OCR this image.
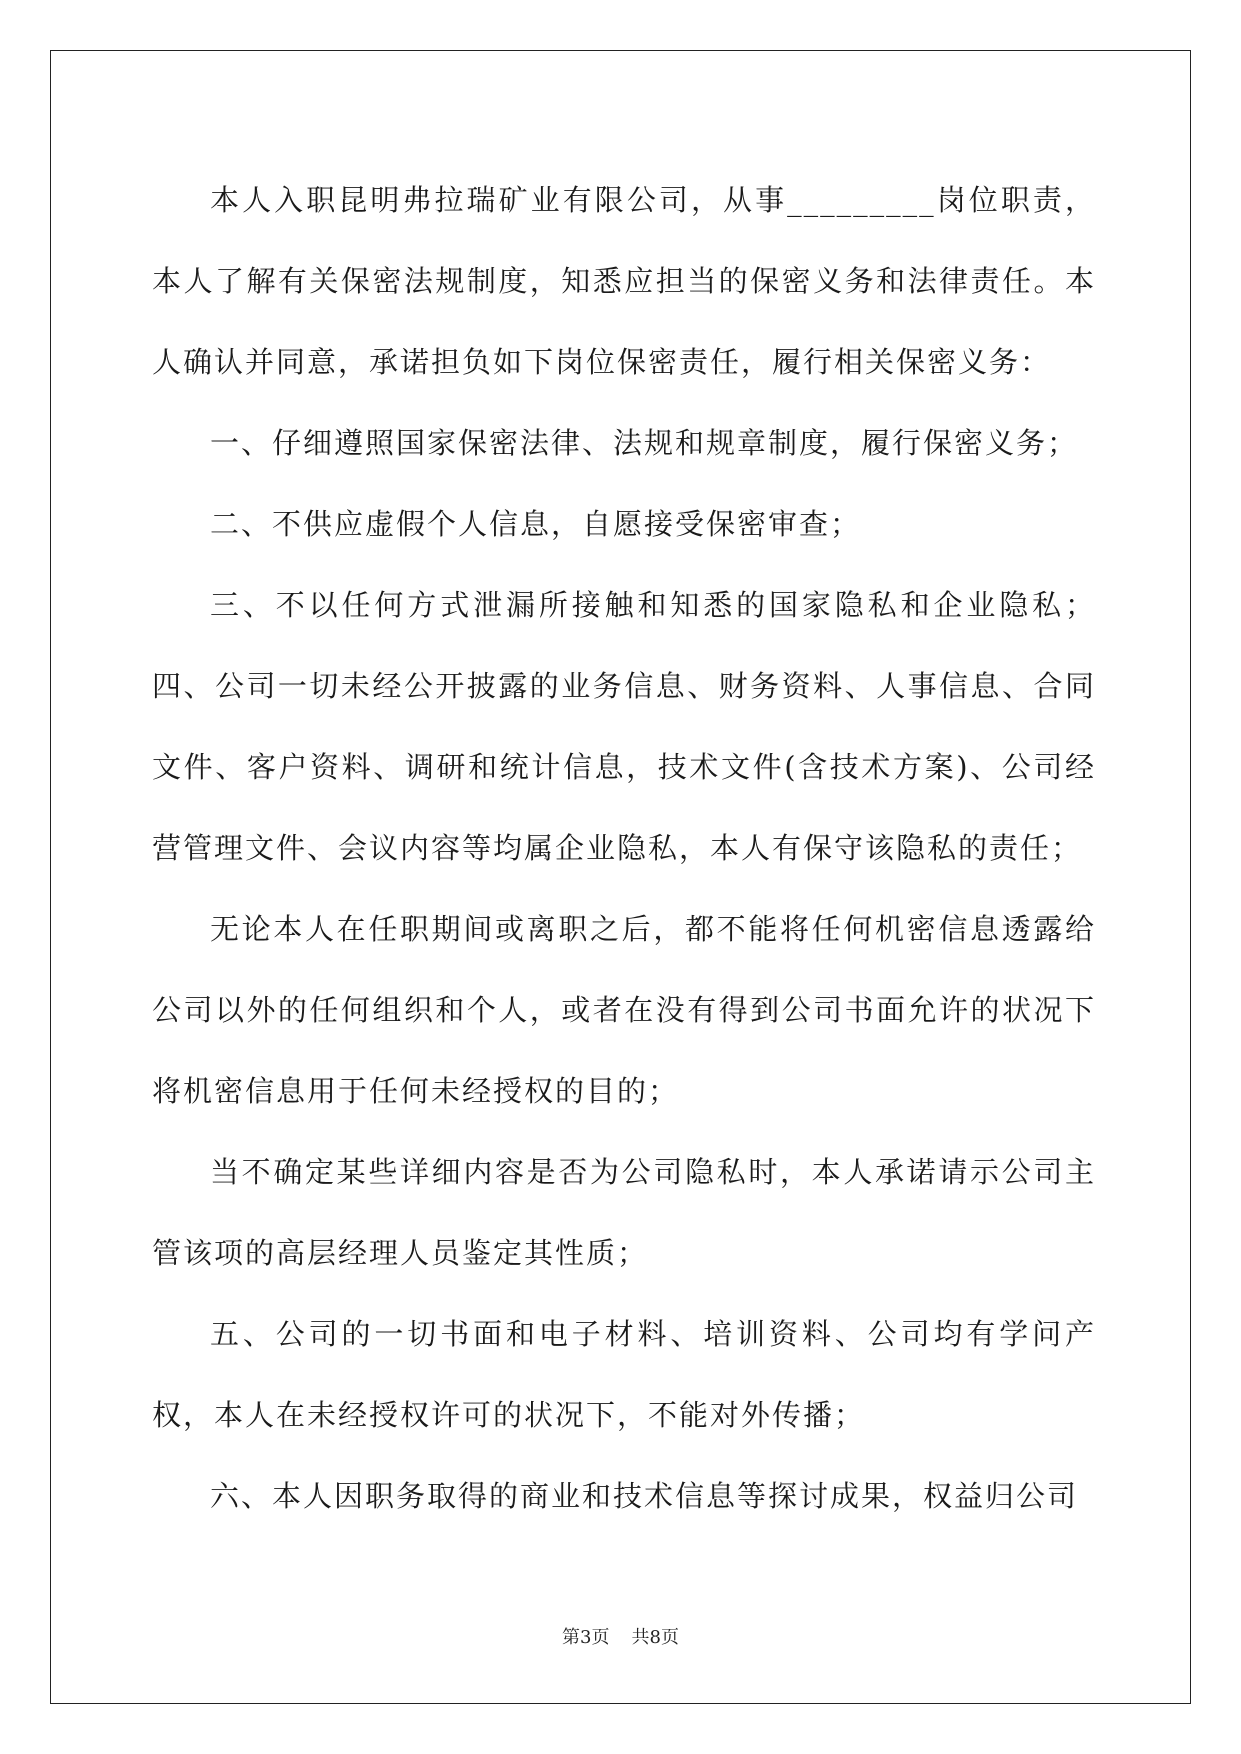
本人入职昆明弗拉瑞矿业有限公司，从事_________岗位职责，本人了解有关保密法规制度，知悉应担当的保密义务和法律责任。本人确认并同意，承诺担负如下岗位保密责任，履行相关保密义务：

一、仔细遵照国家保密法律、法规和规章制度，履行保密义务；

二、不供应虚假个人信息，自愿接受保密审查；

三、不以任何方式泄漏所接触和知悉的国家隐私和企业隐私；四、公司一切未经公开披露的业务信息、财务资料、人事信息、合同文件、客户资料、调研和统计信息，技术文件(含技术方案)、公司经营管理文件、会议内容等均属企业隐私，本人有保守该隐私的责任；

无论本人在任职期间或离职之后，都不能将任何机密信息透露给公司以外的任何组织和个人，或者在没有得到公司书面允许的状况下将机密信息用于任何未经授权的目的；

当不确定某些详细内容是否为公司隐私时，本人承诺请示公司主管该项的高层经理人员鉴定其性质；

五、公司的一切书面和电子材料、培训资料、公司均有学问产权，本人在未经授权许可的状况下，不能对外传播；

六、本人因职务取得的商业和技术信息等探讨成果，权益归公司

第3页 共8页
